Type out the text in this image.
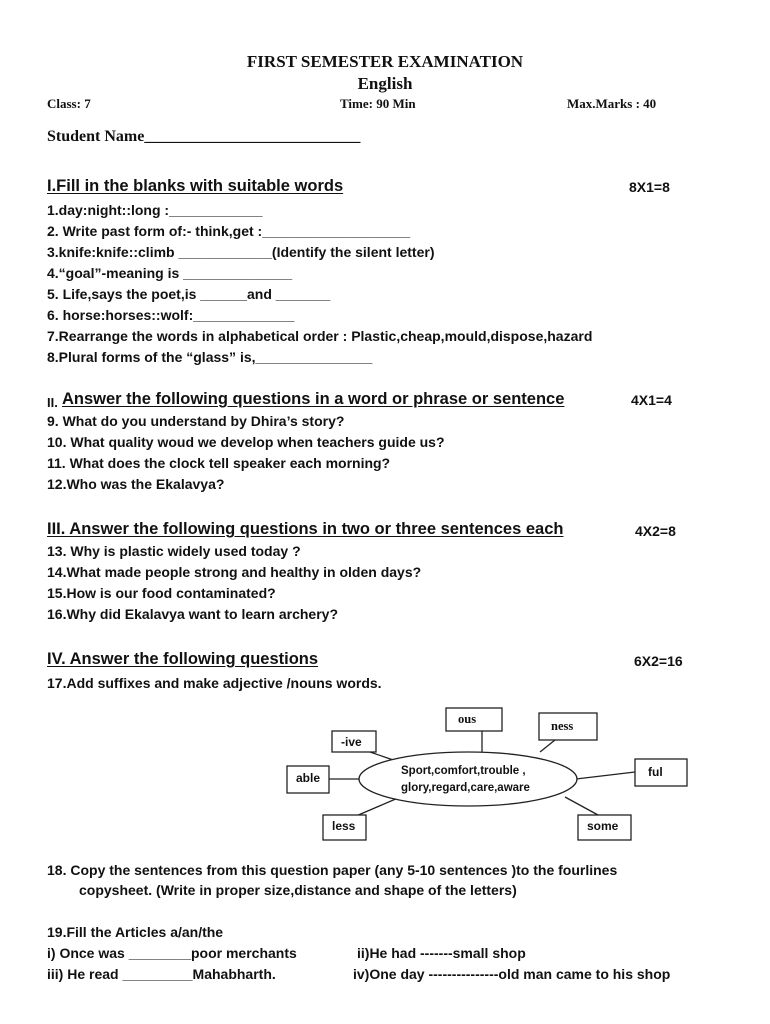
FIRST SEMESTER EXAMINATION
English
Class: 7	Time: 90 Min	Max.Marks : 40
Student Name___________________________
I.Fill in the blanks with suitable words	8X1=8
1.day:night::long :____________
2. Write past form of:- think,get :___________________
3.knife:knife::climb ____________(Identify the silent letter)
4.“goal”-meaning is ______________
5. Life,says the poet,is ______and _______
6. horse:horses::wolf:_____________
7.Rearrange the words in alphabetical order : Plastic,cheap,mould,dispose,hazard
8.Plural forms of the “glass” is,_______________
II. Answer the following questions in a word or phrase or sentence	4X1=4
9. What do you understand by Dhira’s story?
10. What quality woud we develop when teachers guide us?
11. What does the clock tell speaker each morning?
12.Who was the Ekalavya?
III. Answer the following questions in two or three sentences each	4X2=8
13. Why is plastic widely used today ?
14.What made people strong and healthy in olden days?
15.How is our food contaminated?
16.Why did Ekalavya want to learn archery?
IV. Answer the following questions	6X2=16
17.Add suffixes and make adjective /nouns words.
ous	ness
-ive
able	ful
less	some
Sport,comfort,trouble ,
glory,regard,care,aware
18. Copy the sentences from this question paper (any 5-10 sentences )to the fourlines
copysheet. (Write in proper size,distance and shape of the letters)
19.Fill the Articles a/an/the
i) Once was ________poor merchants	ii)He had -------small shop
iii) He read _________Mahabharth.	iv)One day ---------------old man came to his shop
